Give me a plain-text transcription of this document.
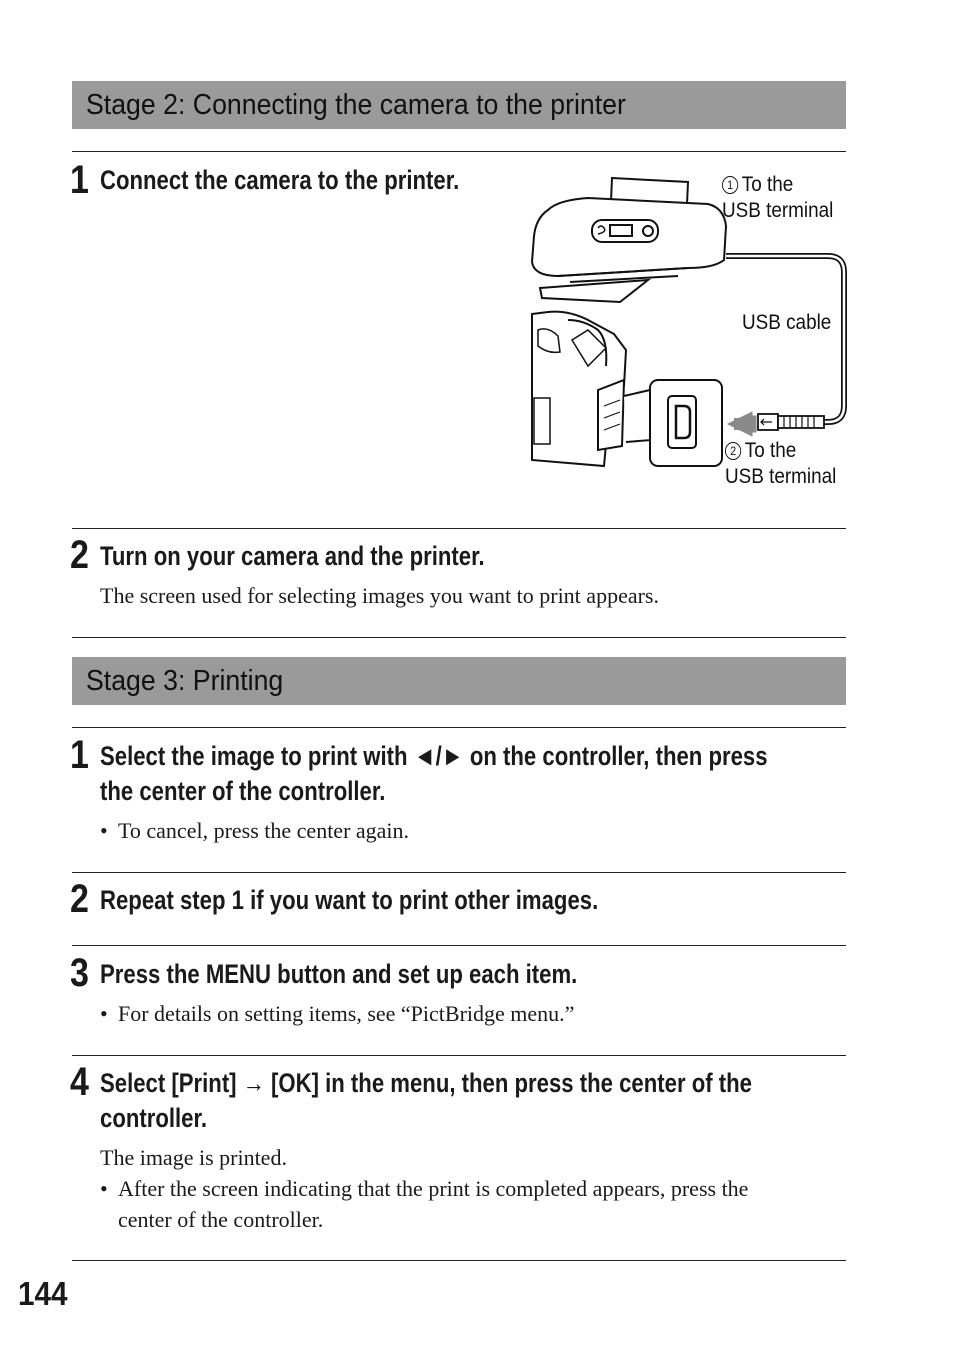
Stage 2: Connecting the camera to the printer
1 Connect the camera to the printer.	1 To the
USB terminal
USB cable
2 To the
USB terminal
2 Turn on your camera and the printer.
The screen used for selecting images you want to print appears.
Stage 3: Printing
1 Select the image to print with ◄/► on the controller, then press
the center of the controller.
• To cancel, press the center again.
2 Repeat step 1 if you want to print other images.
3 Press the MENU button and set up each item.
• For details on setting items, see “PictBridge menu.”
4 Select [Print] → [OK] in the menu, then press the center of the
controller.
The image is printed.
• After the screen indicating that the print is completed appears, press the
center of the controller.
144
